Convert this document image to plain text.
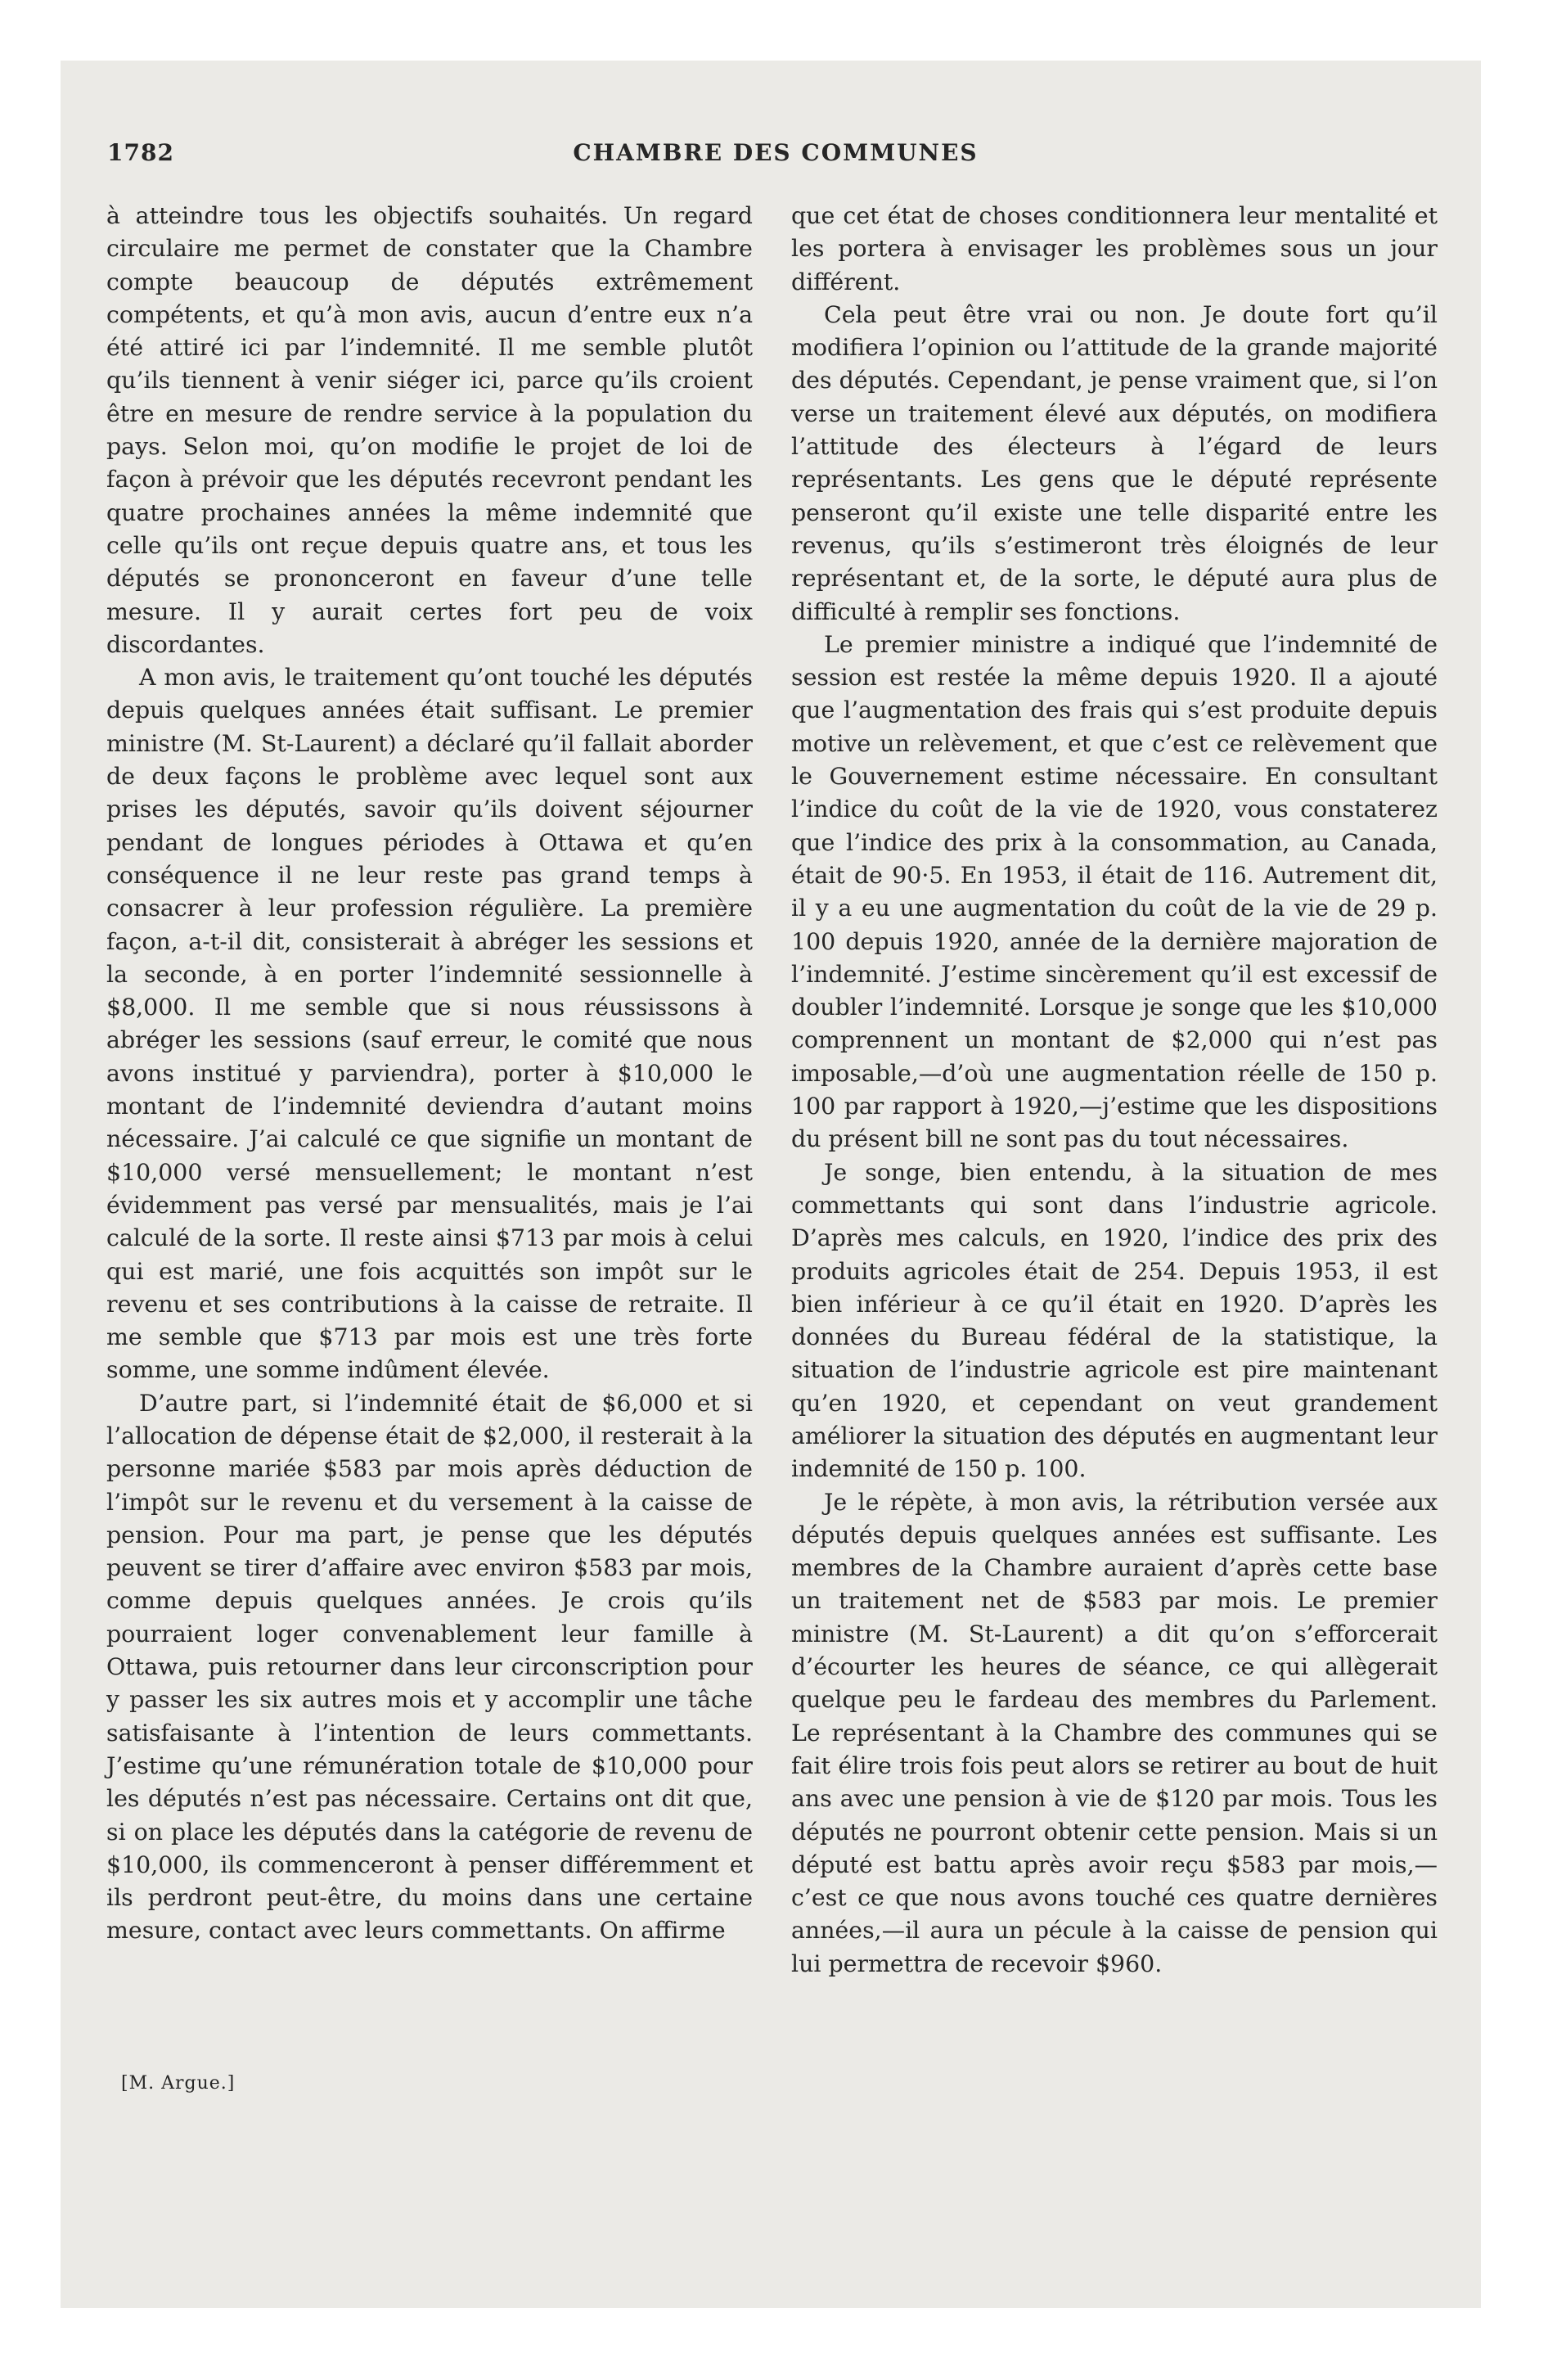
1782	CHAMBRE DES COMMUNES

à atteindre tous les objectifs souhaités. Un regard circulaire me permet de constater que la Chambre compte beaucoup de députés extrêmement compétents, et qu’à mon avis, aucun d’entre eux n’a été attiré ici par l’indemnité. Il me semble plutôt qu’ils tiennent à venir siéger ici, parce qu’ils croient être en mesure de rendre service à la population du pays. Selon moi, qu’on modifie le projet de loi de façon à prévoir que les députés recevront pendant les quatre prochaines années la même indemnité que celle qu’ils ont reçue depuis quatre ans, et tous les députés se prononceront en faveur d’une telle mesure. Il y aurait certes fort peu de voix discordantes.

A mon avis, le traitement qu’ont touché les députés depuis quelques années était suffisant. Le premier ministre (M. St-Laurent) a déclaré qu’il fallait aborder de deux façons le problème avec lequel sont aux prises les députés, savoir qu’ils doivent séjourner pendant de longues périodes à Ottawa et qu’en conséquence il ne leur reste pas grand temps à consacrer à leur profession régulière. La première façon, a-t-il dit, consisterait à abréger les sessions et la seconde, à en porter l’indemnité sessionnelle à $8,000. Il me semble que si nous réussissons à abréger les sessions (sauf erreur, le comité que nous avons institué y parviendra), porter à $10,000 le montant de l’indemnité deviendra d’autant moins nécessaire. J’ai calculé ce que signifie un montant de $10,000 versé mensuellement; le montant n’est évidemment pas versé par mensualités, mais je l’ai calculé de la sorte. Il reste ainsi $713 par mois à celui qui est marié, une fois acquittés son impôt sur le revenu et ses contributions à la caisse de retraite. Il me semble que $713 par mois est une très forte somme, une somme indûment élevée.

D’autre part, si l’indemnité était de $6,000 et si l’allocation de dépense était de $2,000, il resterait à la personne mariée $583 par mois après déduction de l’impôt sur le revenu et du versement à la caisse de pension. Pour ma part, je pense que les députés peuvent se tirer d’affaire avec environ $583 par mois, comme depuis quelques années. Je crois qu’ils pourraient loger convenablement leur famille à Ottawa, puis retourner dans leur circonscription pour y passer les six autres mois et y accomplir une tâche satisfaisante à l’intention de leurs commettants. J’estime qu’une rémunération totale de $10,000 pour les députés n’est pas nécessaire. Certains ont dit que, si on place les députés dans la catégorie de revenu de $10,000, ils commenceront à penser différemment et ils perdront peut-être, du moins dans une certaine mesure, contact avec leurs commettants. On affirme

que cet état de choses conditionnera leur mentalité et les portera à envisager les problèmes sous un jour différent.

Cela peut être vrai ou non. Je doute fort qu’il modifiera l’opinion ou l’attitude de la grande majorité des députés. Cependant, je pense vraiment que, si l’on verse un traitement élevé aux députés, on modifiera l’attitude des électeurs à l’égard de leurs représentants. Les gens que le député représente penseront qu’il existe une telle disparité entre les revenus, qu’ils s’estimeront très éloignés de leur représentant et, de la sorte, le député aura plus de difficulté à remplir ses fonctions.

Le premier ministre a indiqué que l’indemnité de session est restée la même depuis 1920. Il a ajouté que l’augmentation des frais qui s’est produite depuis motive un relèvement, et que c’est ce relèvement que le Gouvernement estime nécessaire. En consultant l’indice du coût de la vie de 1920, vous constaterez que l’indice des prix à la consommation, au Canada, était de 90·5. En 1953, il était de 116. Autrement dit, il y a eu une augmentation du coût de la vie de 29 p. 100 depuis 1920, année de la dernière majoration de l’indemnité. J’estime sincèrement qu’il est excessif de doubler l’indemnité. Lorsque je songe que les $10,000 comprennent un montant de $2,000 qui n’est pas imposable,—d’où une augmentation réelle de 150 p. 100 par rapport à 1920,—j’estime que les dispositions du présent bill ne sont pas du tout nécessaires.

Je songe, bien entendu, à la situation de mes commettants qui sont dans l’industrie agricole. D’après mes calculs, en 1920, l’indice des prix des produits agricoles était de 254. Depuis 1953, il est bien inférieur à ce qu’il était en 1920. D’après les données du Bureau fédéral de la statistique, la situation de l’industrie agricole est pire maintenant qu’en 1920, et cependant on veut grandement améliorer la situation des députés en augmentant leur indemnité de 150 p. 100.

Je le répète, à mon avis, la rétribution versée aux députés depuis quelques années est suffisante. Les membres de la Chambre auraient d’après cette base un traitement net de $583 par mois. Le premier ministre (M. St-Laurent) a dit qu’on s’efforcerait d’écourter les heures de séance, ce qui allègerait quelque peu le fardeau des membres du Parlement. Le représentant à la Chambre des communes qui se fait élire trois fois peut alors se retirer au bout de huit ans avec une pension à vie de $120 par mois. Tous les députés ne pourront obtenir cette pension. Mais si un député est battu après avoir reçu $583 par mois,—c’est ce que nous avons touché ces quatre dernières années,—il aura un pécule à la caisse de pension qui lui permettra de recevoir $960.

[M. Argue.]
